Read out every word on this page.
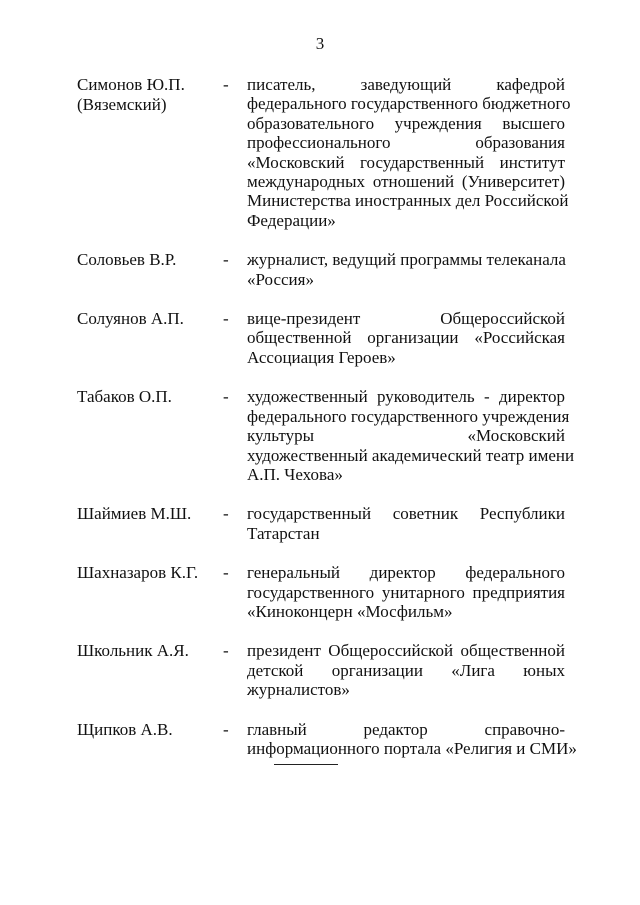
3
Симонов Ю.П.
(Вяземский)
-	писатель, заведующий кафедрой
федерального государственного бюджетного
образовательного учреждения высшего
профессионального образования
«Московский государственный институт
международных отношений (Университет)
Министерства иностранных дел Российской
Федерации»
Соловьев В.Р.	-	журналист, ведущий программы телеканала
«Россия»
Солуянов А.П.	-	вице-президент Общероссийской
общественной организации «Российская
Ассоциация Героев»
Табаков О.П.	-	художественный руководитель - директор
федерального государственного учреждения
культуры «Московский
художественный академический театр имени
А.П. Чехова»
Шаймиев М.Ш.	-	государственный советник Республики
Татарстан
Шахназаров К.Г.	-	генеральный директор федерального
государственного унитарного предприятия
«Киноконцерн «Мосфильм»
Школьник А.Я.	-	президент Общероссийской общественной
детской организации «Лига юных
журналистов»
Щипков А.В.	-	главный редактор справочно-
информационного портала «Религия и СМИ»
